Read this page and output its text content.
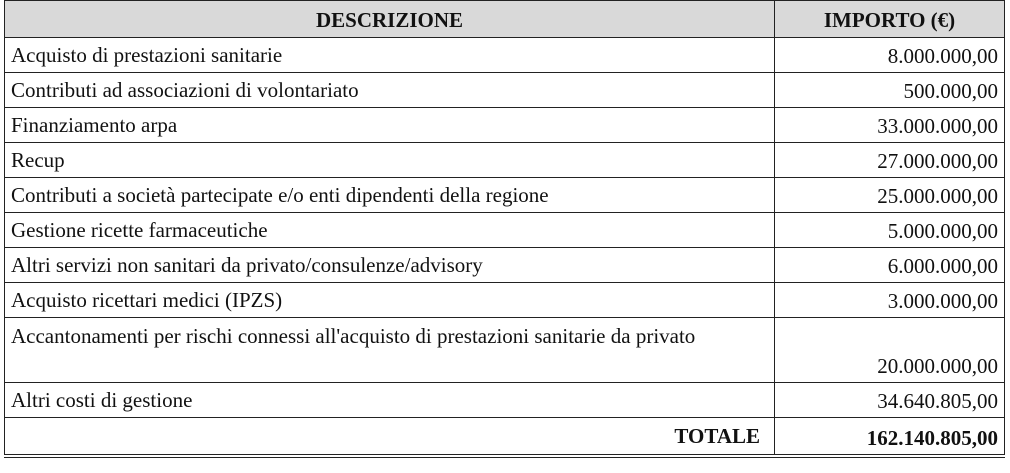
DESCRIZIONE	IMPORTO (€)
Acquisto di prestazioni sanitarie	8.000.000,00
Contributi ad associazioni di volontariato	500.000,00
Finanziamento arpa	33.000.000,00
Recup	27.000.000,00
Contributi a società partecipate e/o enti dipendenti della regione	25.000.000,00
Gestione ricette farmaceutiche	5.000.000,00
Altri servizi non sanitari da privato/consulenze/advisory	6.000.000,00
Acquisto ricettari medici (IPZS)	3.000.000,00
Accantonamenti per rischi connessi all'acquisto di prestazioni sanitarie da privato	20.000.000,00
Altri costi di gestione	34.640.805,00
TOTALE	162.140.805,00
